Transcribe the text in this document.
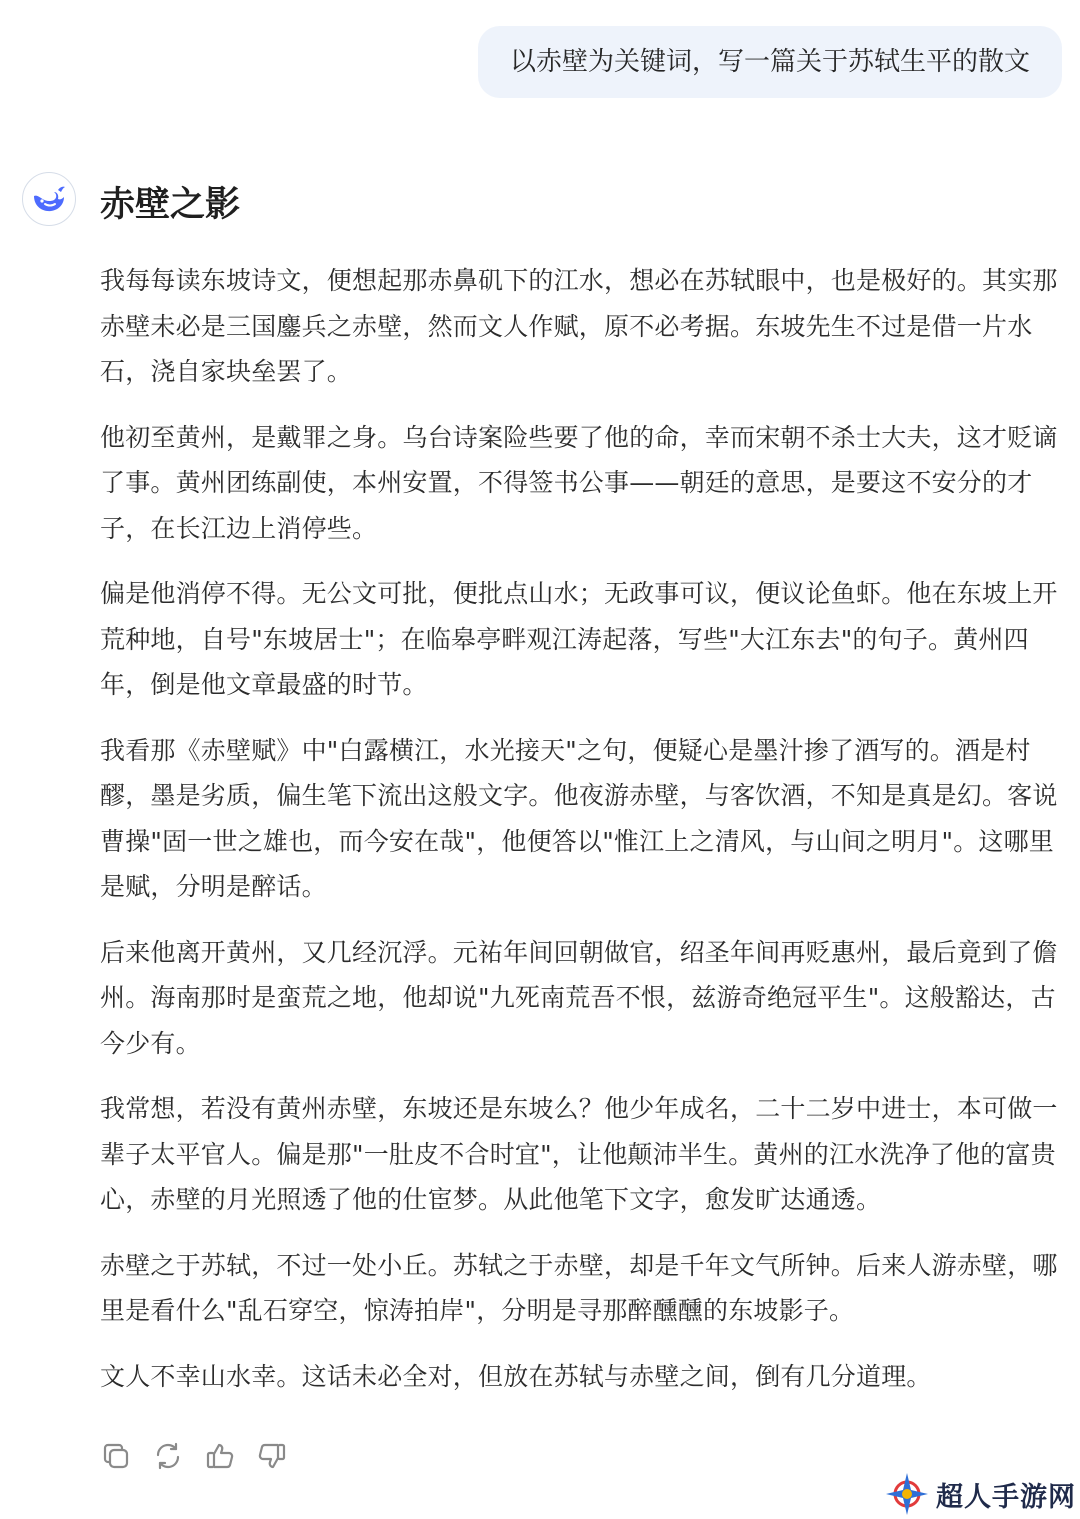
以赤壁为关键词，写一篇关于苏轼生平的散文
赤壁之影

我每每读东坡诗文，便想起那赤鼻矶下的江水，想必在苏轼眼中，也是极好的。其实那赤壁未必是三国鏖兵之赤壁，然而文人作赋，原不必考据。东坡先生不过是借一片水石，浇自家块垒罢了。

他初至黄州，是戴罪之身。乌台诗案险些要了他的命，幸而宋朝不杀士大夫，这才贬谪了事。黄州团练副使，本州安置，不得签书公事——朝廷的意思，是要这不安分的才子，在长江边上消停些。

偏是他消停不得。无公文可批，便批点山水；无政事可议，便议论鱼虾。他在东坡上开荒种地，自号"东坡居士"；在临皋亭畔观江涛起落，写些"大江东去"的句子。黄州四年，倒是他文章最盛的时节。

我看那《赤壁赋》中"白露横江，水光接天"之句，便疑心是墨汁掺了酒写的。酒是村醪，墨是劣质，偏生笔下流出这般文字。他夜游赤壁，与客饮酒，不知是真是幻。客说曹操"固一世之雄也，而今安在哉"，他便答以"惟江上之清风，与山间之明月"。这哪里是赋，分明是醉话。

后来他离开黄州，又几经沉浮。元祐年间回朝做官，绍圣年间再贬惠州，最后竟到了儋州。海南那时是蛮荒之地，他却说"九死南荒吾不恨，兹游奇绝冠平生"。这般豁达，古今少有。

我常想，若没有黄州赤壁，东坡还是东坡么？他少年成名，二十二岁中进士，本可做一辈子太平官人。偏是那"一肚皮不合时宜"，让他颠沛半生。黄州的江水洗净了他的富贵心，赤壁的月光照透了他的仕宦梦。从此他笔下文字，愈发旷达通透。

赤壁之于苏轼，不过一处小丘。苏轼之于赤壁，却是千年文气所钟。后来人游赤壁，哪里是看什么"乱石穿空，惊涛拍岸"，分明是寻那醉醺醺的东坡影子。

文人不幸山水幸。这话未必全对，但放在苏轼与赤壁之间，倒有几分道理。

超人手游网
